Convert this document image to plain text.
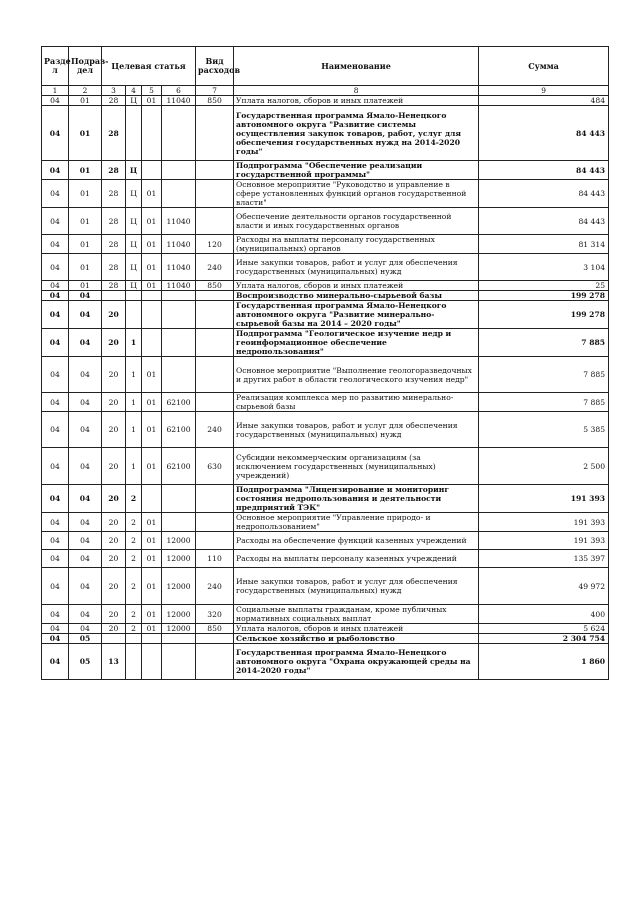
Разде л	Подраз- дел	Целевая статья				Вид расходов	Наименование	Сумма
1	2	3	4	5	6	7	8	9
04	01	28	Ц	01	11040	850	Уплата налогов, сборов и иных платежей	484
04	01	28					Государственная программа Ямало-Ненецкого автономного округа "Развитие системы осуществления закупок товаров, работ, услуг для обеспечения государственных нужд на 2014-2020 годы"	84 443
04	01	28	Ц				Подпрограмма "Обеспечение реализации государственной программы"	84 443
04	01	28	Ц	01			Основное мероприятие "Руководство и управление в сфере установленных функций органов государственной власти"	84 443
04	01	28	Ц	01	11040		Обеспечение деятельности органов государственной власти и иных государственных органов	84 443
04	01	28	Ц	01	11040	120	Расходы на выплаты персоналу государственных (муниципальных) органов	81 314
04	01	28	Ц	01	11040	240	Иные закупки товаров, работ и услуг для обеспечения государственных (муниципальных) нужд	3 104
04	01	28	Ц	01	11040	850	Уплата налогов, сборов и иных платежей	25
04	04						Воспроизводство минерально-сырьевой базы	199 278
04	04	20					Государственная программа Ямало-Ненецкого автономного округа "Развитие минерально-сырьевой базы на 2014 – 2020 годы"	199 278
04	04	20	1				Подпрограмма "Геологическое изучение недр и геоинформационное обеспечение недропользования"	7 885
04	04	20	1	01			Основное мероприятие "Выполнение геологоразведочных и других работ в области геологического изучения недр"	7 885
04	04	20	1	01	62100		Реализация комплекса мер по развитию минерально-сырьевой базы	7 885
04	04	20	1	01	62100	240	Иные закупки товаров, работ и услуг для обеспечения государственных (муниципальных) нужд	5 385
04	04	20	1	01	62100	630	Субсидии некоммерческим организациям (за исключением государственных (муниципальных) учреждений)	2 500
04	04	20	2				Подпрограмма "Лицензирование и мониторинг состояния недропользования и деятельности предприятий ТЭК"	191 393
04	04	20	2	01			Основное мероприятие "Управление природо- и недропользованием"	191 393
04	04	20	2	01	12000		Расходы на обеспечение функций казенных учреждений	191 393
04	04	20	2	01	12000	110	Расходы на выплаты персоналу казенных учреждений	135 397
04	04	20	2	01	12000	240	Иные закупки товаров, работ и услуг для обеспечения государственных (муниципальных) нужд	49 972
04	04	20	2	01	12000	320	Социальные выплаты гражданам, кроме публичных нормативных социальных выплат	400
04	04	20	2	01	12000	850	Уплата налогов, сборов и иных платежей	5 624
04	05						Сельское хозяйство и рыболовство	2 304 754
04	05	13					Государственная программа Ямало-Ненецкого автономного округа "Охрана окружающей среды на 2014-2020 годы"	1 860
